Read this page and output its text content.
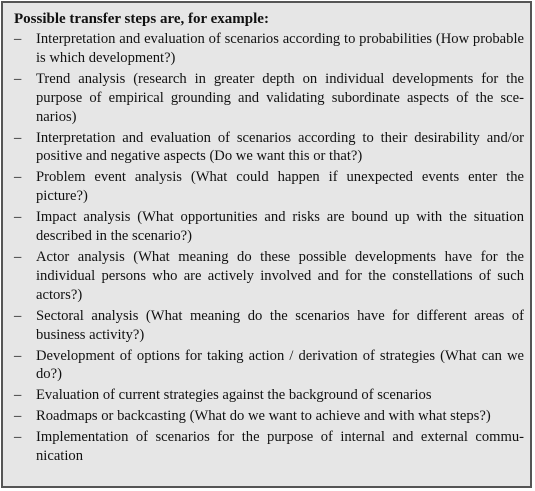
Possible transfer steps are, for example:
–	Interpretation and evaluation of scenarios according to probabilities (How probable is which development?)
–	Trend analysis (research in greater depth on individual developments for the purpose of empirical grounding and validating subordinate aspects of the sce-narios)
–	Interpretation and evaluation of scenarios according to their desirability and/or positive and negative aspects (Do we want this or that?)
–	Problem event analysis (What could happen if unexpected events enter the picture?)
–	Impact analysis (What opportunities and risks are bound up with the situation described in the scenario?)
–	Actor analysis (What meaning do these possible developments have for the individual persons who are actively involved and for the constellations of such actors?)
–	Sectoral analysis (What meaning do the scenarios have for different areas of business activity?)
–	Development of options for taking action / derivation of strategies (What can we do?)
–	Evaluation of current strategies against the background of scenarios
–	Roadmaps or backcasting (What do we want to achieve and with what steps?)
–	Implementation of scenarios for the purpose of internal and external commu-nication
